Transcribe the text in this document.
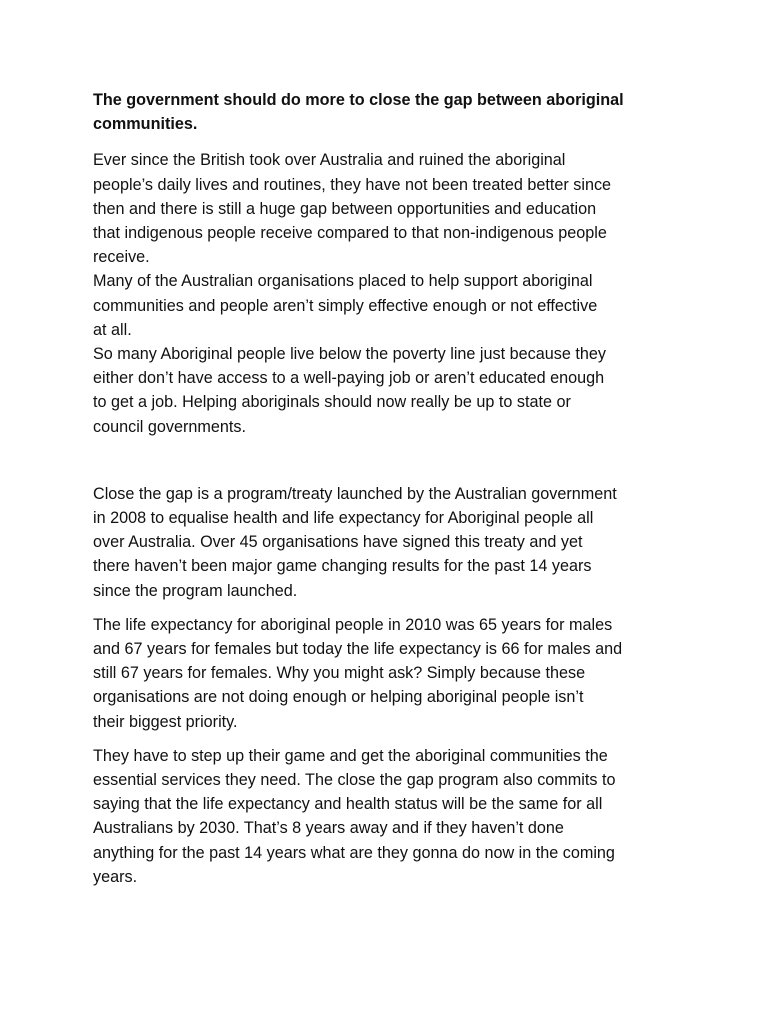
The government should do more to close the gap between aboriginal
communities.

Ever since the British took over Australia and ruined the aboriginal
people’s daily lives and routines, they have not been treated better since
then and there is still a huge gap between opportunities and education
that indigenous people receive compared to that non-indigenous people
receive.
Many of the Australian organisations placed to help support aboriginal
communities and people aren’t simply effective enough or not effective
at all.
So many Aboriginal people live below the poverty line just because they
either don’t have access to a well-paying job or aren’t educated enough
to get a job. Helping aboriginals should now really be up to state or
council governments.

Close the gap is a program/treaty launched by the Australian government
in 2008 to equalise health and life expectancy for Aboriginal people all
over Australia. Over 45 organisations have signed this treaty and yet
there haven’t been major game changing results for the past 14 years
since the program launched.

The life expectancy for aboriginal people in 2010 was 65 years for males
and 67 years for females but today the life expectancy is 66 for males and
still 67 years for females. Why you might ask? Simply because these
organisations are not doing enough or helping aboriginal people isn’t
their biggest priority.

They have to step up their game and get the aboriginal communities the
essential services they need. The close the gap program also commits to
saying that the life expectancy and health status will be the same for all
Australians by 2030. That’s 8 years away and if they haven’t done
anything for the past 14 years what are they gonna do now in the coming
years.
